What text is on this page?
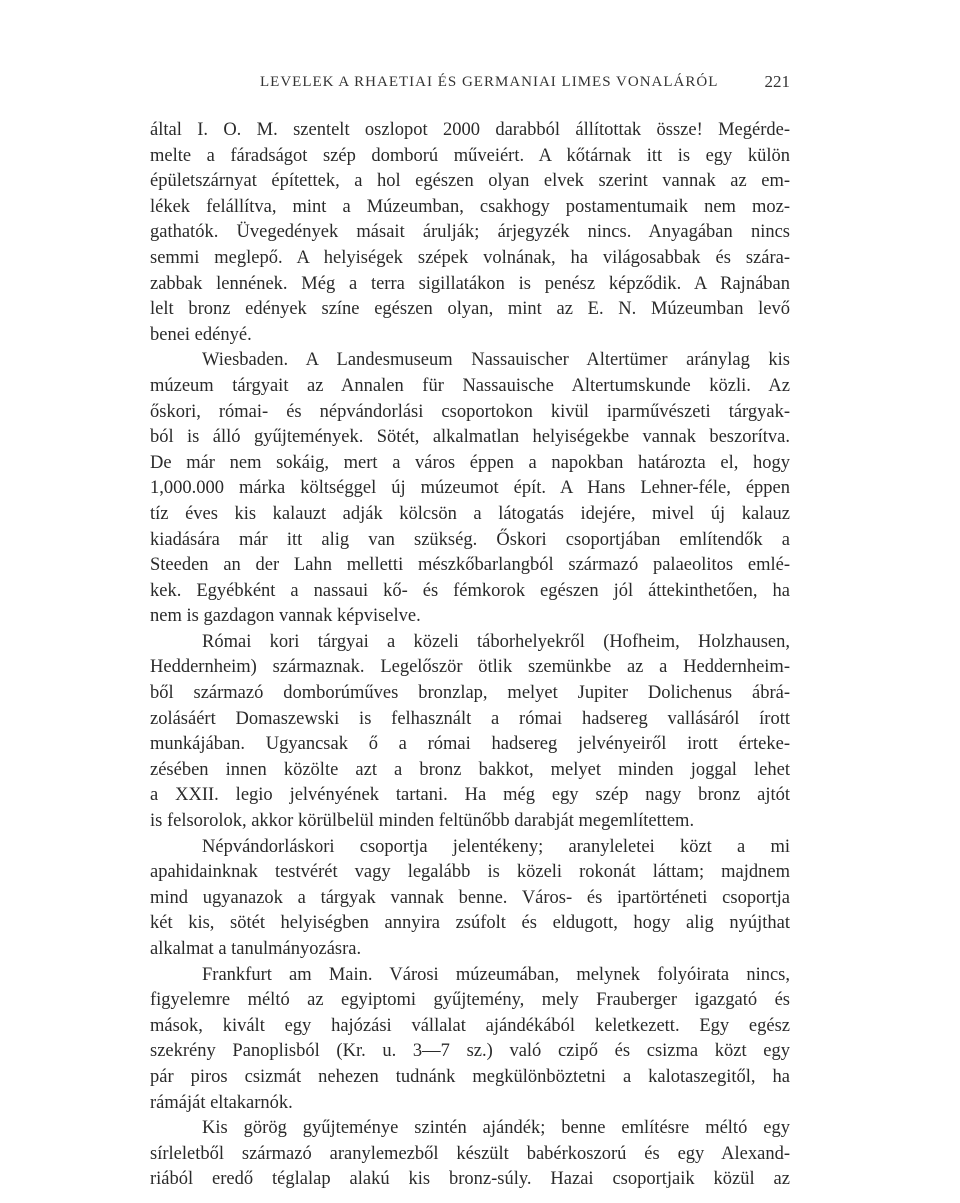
LEVELEK A RHAETIAI ÉS GERMANIAI LIMES VONALÁRÓL	221
által I. O. M. szentelt oszlopot 2000 darabból állítottak össze! Megérde-
melte a fáradságot szép domború műveiért. A kőtárnak itt is egy külön
épületszárnyat építettek, a hol egészen olyan elvek szerint vannak az em-
lékek felállítva, mint a Múzeumban, csakhogy postamentumaik nem moz-
gathatók. Üvegedények másait árulják; árjegyzék nincs. Anyagában nincs
semmi meglepő. A helyiségek szépek volnának, ha világosabbak és szára-
zabbak lennének. Még a terra sigillatákon is penész képződik. A Rajnában
lelt bronz edények színe egészen olyan, mint az E. N. Múzeumban levő
benei edényé.
Wiesbaden. A Landesmuseum Nassauischer Altertümer aránylag kis
múzeum tárgyait az Annalen für Nassauische Altertumskunde közli. Az
őskori, római- és népvándorlási csoportokon kivül iparművészeti tárgyak-
ból is álló gyűjtemények. Sötét, alkalmatlan helyiségekbe vannak beszorítva.
De már nem sokáig, mert a város éppen a napokban határozta el, hogy
1,000.000 márka költséggel új múzeumot épít. A Hans Lehner-féle, éppen
tíz éves kis kalauzt adják kölcsön a látogatás idejére, mivel új kalauz
kiadására már itt alig van szükség. Őskori csoportjában említendők a
Steeden an der Lahn melletti mészkőbarlangból származó palaeolitos emlé-
kek. Egyébként a nassaui kő- és fémkorok egészen jól áttekinthetően, ha
nem is gazdagon vannak képviselve.
Római kori tárgyai a közeli táborhelyekről (Hofheim, Holzhausen,
Heddernheim) származnak. Legelőször ötlik szemünkbe az a Heddernheim-
ből származó domborúműves bronzlap, melyet Jupiter Dolichenus ábrá-
zolásáért Domaszewski is felhasznált a római hadsereg vallásáról írott
munkájában. Ugyancsak ő a római hadsereg jelvényeiről irott érteke-
zésében innen közölte azt a bronz bakkot, melyet minden joggal lehet
a XXII. legio jelvényének tartani. Ha még egy szép nagy bronz ajtót
is felsorolok, akkor körülbelül minden feltünőbb darabját megemlítettem.
Népvándorláskori csoportja jelentékeny; aranyleletei közt a mi
apahidainknak testvérét vagy legalább is közeli rokonát láttam; majdnem
mind ugyanazok a tárgyak vannak benne. Város- és ipartörténeti csoportja
két kis, sötét helyiségben annyira zsúfolt és eldugott, hogy alig nyújthat
alkalmat a tanulmányozásra.
Frankfurt am Main. Városi múzeumában, melynek folyóirata nincs,
figyelemre méltó az egyiptomi gyűjtemény, mely Frauberger igazgató és
mások, kivált egy hajózási vállalat ajándékából keletkezett. Egy egész
szekrény Panoplisból (Kr. u. 3—7 sz.) való czipő és csizma közt egy
pár piros csizmát nehezen tudnánk megkülönböztetni a kalotaszegitől, ha
rámáját eltakarnók.
Kis görög gyűjteménye szintén ajándék; benne említésre méltó egy
sírleletből származó aranylemezből készült babérkoszorú és egy Alexand-
riából eredő téglalap alakú kis bronz-súly. Hazai csoportjaik közül az
